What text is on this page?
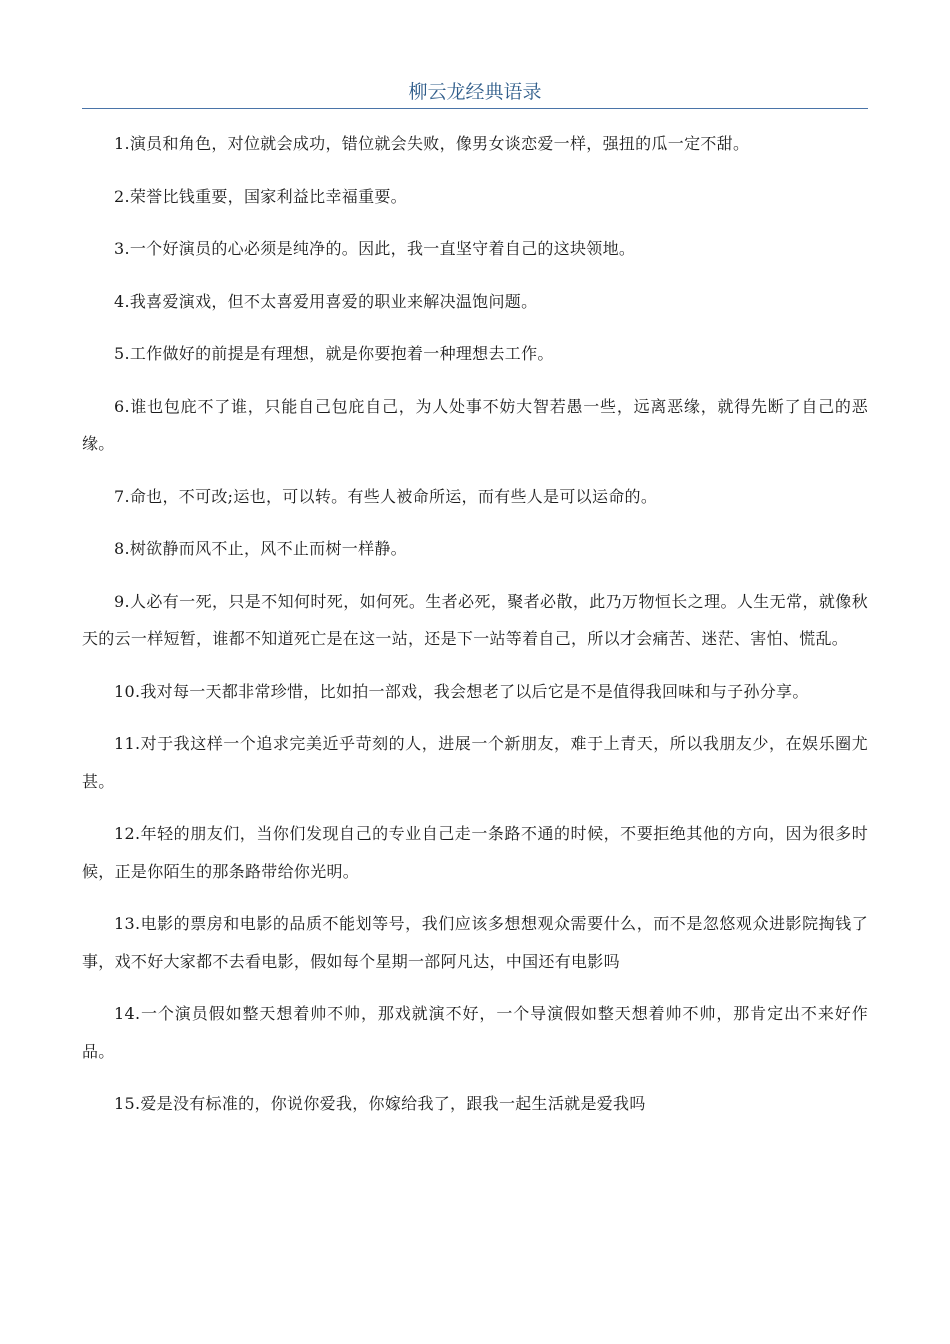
柳云龙经典语录
1.演员和角色，对位就会成功，错位就会失败，像男女谈恋爱一样，强扭的瓜一定不甜。
2.荣誉比钱重要，国家利益比幸福重要。
3.一个好演员的心必须是纯净的。因此，我一直坚守着自己的这块领地。
4.我喜爱演戏，但不太喜爱用喜爱的职业来解决温饱问题。
5.工作做好的前提是有理想，就是你要抱着一种理想去工作。
6.谁也包庇不了谁，只能自己包庇自己，为人处事不妨大智若愚一些，远离恶缘，就得先断了自己的恶缘。
7.命也，不可改;运也，可以转。有些人被命所运，而有些人是可以运命的。
8.树欲静而风不止，风不止而树一样静。
9.人必有一死，只是不知何时死，如何死。生者必死，聚者必散，此乃万物恒长之理。人生无常，就像秋天的云一样短暂，谁都不知道死亡是在这一站，还是下一站等着自己，所以才会痛苦、迷茫、害怕、慌乱。
10.我对每一天都非常珍惜，比如拍一部戏，我会想老了以后它是不是值得我回味和与子孙分享。
11.对于我这样一个追求完美近乎苛刻的人，进展一个新朋友，难于上青天，所以我朋友少，在娱乐圈尤甚。
12.年轻的朋友们，当你们发现自己的专业自己走一条路不通的时候，不要拒绝其他的方向，因为很多时候，正是你陌生的那条路带给你光明。
13.电影的票房和电影的品质不能划等号，我们应该多想想观众需要什么，而不是忽悠观众进影院掏钱了事，戏不好大家都不去看电影，假如每个星期一部阿凡达，中国还有电影吗
14.一个演员假如整天想着帅不帅，那戏就演不好，一个导演假如整天想着帅不帅，那肯定出不来好作品。
15.爱是没有标准的，你说你爱我，你嫁给我了，跟我一起生活就是爱我吗
